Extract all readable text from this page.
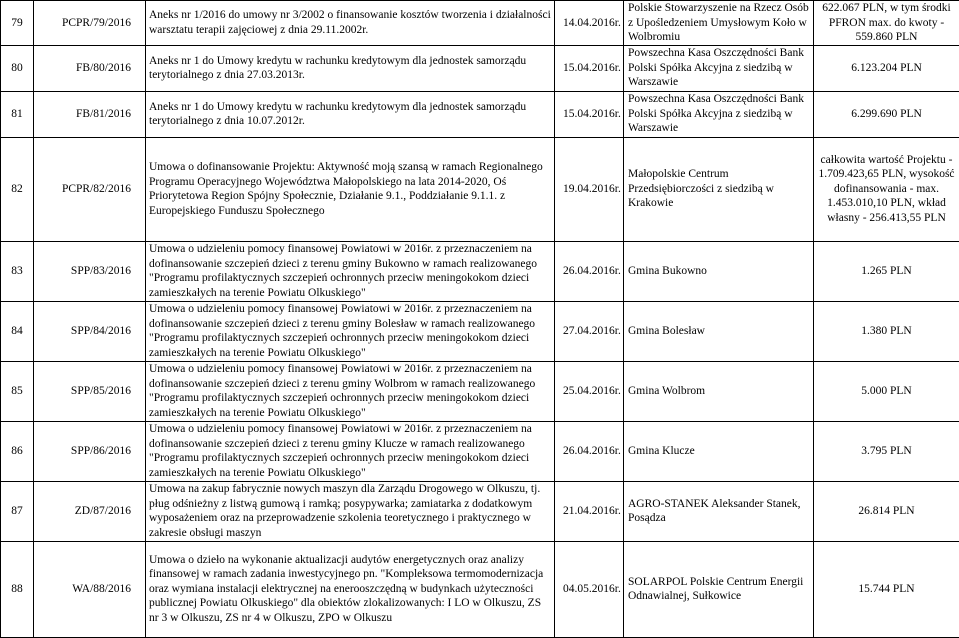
79	PCPR/79/2016	Aneks nr 1/2016 do umowy nr 3/2002 o finansowanie kosztów tworzenia i działalności warsztatu terapii zajęciowej z dnia 29.11.2002r.	14.04.2016r.	Polskie Stowarzyszenie na Rzecz Osób z Upośledzeniem Umysłowym Koło w Wolbromiu	622.067 PLN, w tym środki PFRON max. do kwoty - 559.860 PLN
80	FB/80/2016	Aneks nr 1 do Umowy kredytu w rachunku kredytowym dla jednostek samorządu terytorialnego z dnia 27.03.2013r.	15.04.2016r.	Powszechna Kasa Oszczędności Bank Polski Spółka Akcyjna z siedzibą w Warszawie	6.123.204 PLN
81	FB/81/2016	Aneks nr 1 do Umowy kredytu w rachunku kredytowym dla jednostek samorządu terytorialnego z dnia 10.07.2012r.	15.04.2016r.	Powszechna Kasa Oszczędności Bank Polski Spółka Akcyjna z siedzibą w Warszawie	6.299.690 PLN
82	PCPR/82/2016	Umowa o dofinansowanie Projektu: Aktywność moją szansą w ramach Regionalnego Programu Operacyjnego Województwa Małopolskiego na lata 2014-2020, Oś Priorytetowa Region Spójny Społecznie, Działanie 9.1., Poddziałanie 9.1.1. z Europejskiego Funduszu Społecznego	19.04.2016r.	Małopolskie Centrum Przedsiębiorczości z siedzibą w Krakowie	całkowita wartość Projektu - 1.709.423,65 PLN, wysokość dofinansowania - max. 1.453.010,10 PLN, wkład własny - 256.413,55 PLN
83	SPP/83/2016	Umowa o udzieleniu pomocy finansowej Powiatowi w 2016r. z przeznaczeniem na dofinansowanie szczepień dzieci z terenu gminy Bukowno w ramach realizowanego "Programu profilaktycznych szczepień ochronnych przeciw meningokokom dzieci zamieszkałych na terenie Powiatu Olkuskiego"	26.04.2016r.	Gmina Bukowno	1.265 PLN
84	SPP/84/2016	Umowa o udzieleniu pomocy finansowej Powiatowi w 2016r. z przeznaczeniem na dofinansowanie szczepień dzieci z terenu gminy Bolesław w ramach realizowanego "Programu profilaktycznych szczepień ochronnych przeciw meningokokom dzieci zamieszkałych na terenie Powiatu Olkuskiego"	27.04.2016r.	Gmina Bolesław	1.380 PLN
85	SPP/85/2016	Umowa o udzieleniu pomocy finansowej Powiatowi w 2016r. z przeznaczeniem na dofinansowanie szczepień dzieci z terenu gminy Wolbrom w ramach realizowanego "Programu profilaktycznych szczepień ochronnych przeciw meningokokom dzieci zamieszkałych na terenie Powiatu Olkuskiego"	25.04.2016r.	Gmina Wolbrom	5.000 PLN
86	SPP/86/2016	Umowa o udzieleniu pomocy finansowej Powiatowi w 2016r. z przeznaczeniem na dofinansowanie szczepień dzieci z terenu gminy Klucze w ramach realizowanego "Programu profilaktycznych szczepień ochronnych przeciw meningokokom dzieci zamieszkałych na terenie Powiatu Olkuskiego"	26.04.2016r.	Gmina Klucze	3.795 PLN
87	ZD/87/2016	Umowa na zakup fabrycznie nowych maszyn dla Zarządu Drogowego w Olkuszu, tj. pług odśnieżny z listwą gumową i ramką; posypywarka; zamiatarka z dodatkowym wyposażeniem oraz na przeprowadzenie szkolenia teoretycznego i praktycznego w zakresie obsługi maszyn	21.04.2016r.	AGRO-STANEK Aleksander Stanek, Posądza	26.814 PLN
88	WA/88/2016	Umowa o dzieło na wykonanie aktualizacji audytów energetycznych oraz analizy finansowej w ramach zadania inwestycyjnego pn. "Kompleksowa termomodernizacja oraz wymiana instalacji elektrycznej na enerooszczędną w budynkach użyteczności publicznej Powiatu Olkuskiego" dla obiektów zlokalizowanych: I LO w Olkuszu, ZS nr 3 w Olkuszu, ZS nr 4 w Olkuszu, ZPO w Olkuszu	04.05.2016r.	SOLARPOL Polskie Centrum Energii Odnawialnej, Sułkowice	15.744 PLN
